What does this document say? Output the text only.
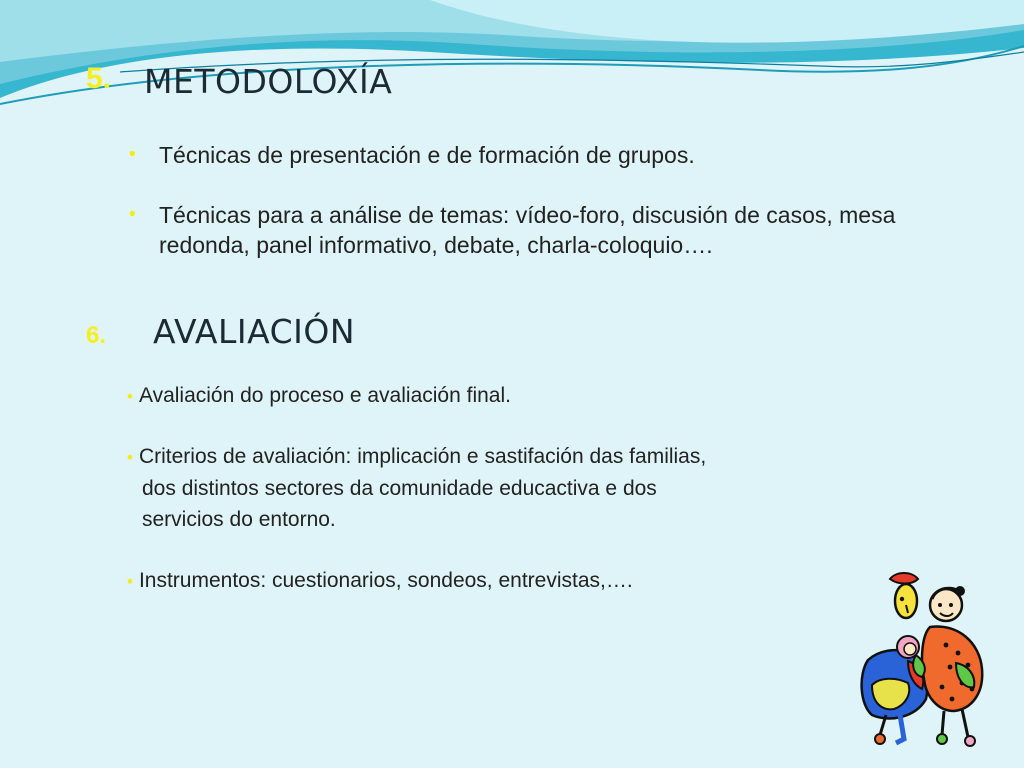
5. METODOLOXÍA
• Técnicas de presentación e de formación de grupos.
• Técnicas para a análise de temas: vídeo-foro, discusión de casos, mesa redonda, panel informativo, debate, charla-coloquio….
6. AVALIACIÓN
• Avaliación do proceso e avaliación final.
• Criterios de avaliación: implicación e sastifación das familias,
dos distintos sectores da comunidade educactiva e dos
servicios do entorno.
• Instrumentos: cuestionarios, sondeos, entrevistas,….
